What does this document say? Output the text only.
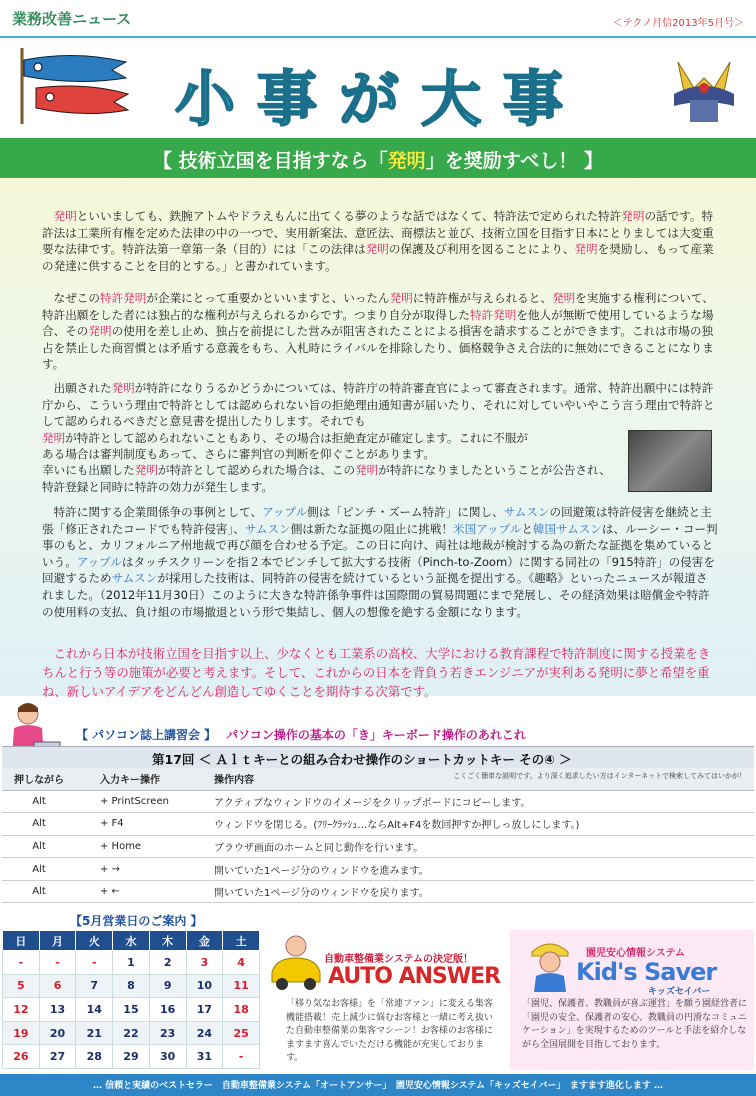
業務改善ニュース	＜テクノ月信2013年5月号＞
小事が大事
【 技術立国を目指すなら「発明」を奨励すべし！ 】
発明といいましても、鉄腕アトムやドラえもんに出てくる夢のような話ではなくて、特許法で定められた特許発明の話です。特許法は工業所有権を定めた法律の中の一つで、実用新案法、意匠法、商標法と並び、技術立国を目指す日本にとりましては大変重要な法律です。特許法第一章第一条（目的）には「この法律は発明の保護及び利用を図ることにより、発明を奨励し、もって産業の発達に供することを目的とする。」と書かれています。
なぜこの特許発明が企業にとって重要かといいますと、いったん発明に特許権が与えられると、発明を実施する権利について、特許出願をした者には独占的な権利が与えられるからです。つまり自分が取得した特許発明を他人が無断で使用しているような場合、その発明の使用を差し止め、独占を前提にした営みが阻害されたことによる損害を請求することができます。これは市場の独占を禁止した商習慣とは矛盾する意義をもち、入札時にライバルを排除したり、価格競争さえ合法的に無効にできることになります。
出願された発明が特許になりうるかどうかについては、特許庁の特許審査官によって審査されます。通常、特許出願中には特許庁から、こういう理由で特許としては認められない旨の拒絶理由通知書が届いたり、それに対していやいやこう言う理由で特許として認められるべきだと意見書を提出したりします。それでも
発明が特許として認められないこともあり、その場合は拒絶査定が確定します。これに不服が
ある場合は審判制度もあって、さらに審判官の判断を仰ぐことがあります。
幸いにも出願した発明が特許として認められた場合は、この発明が特許になりましたということが公告され、特許登録と同時に特許の効力が発生します。
特許に関する企業間係争の事例として、アップル側は「ピンチ・ズーム特許」に関し、サムスンの回避策は特許侵害を継続と主張「修正されたコードでも特許侵害」、サムスン側は新たな証拠の阻止に挑戦！米国アップルと韓国サムスンは、ルーシー・コー判事のもと、カリフォルニア州地裁で再び顔を合わせる予定。この日に向け、両社は地裁が検討する為の新たな証拠を集めているという。アップルはタッチスクリーンを指２本でピンチして拡大する技術（Pinch-to-Zoom）に関する同社の「915特許」の侵害を回避するためサムスンが採用した技術は、同特許の侵害を続けているという証拠を提出する。《趣略》といったニュースが報道されました。（2012年11月30日）このように大きな特許係争事件は国際間の貿易問題にまで発展し、その経済効果は賠償金や特許の使用料の支払、負け組の市場撤退という形で集結し、個人の想像を絶する金額になります。
これから日本が技術立国を目指す以上、少なくとも工業系の高校、大学における教育課程で特許制度に関する授業をきちんと行う等の施策が必要と考えます。そして、これからの日本を背負う若きエンジニアが実利ある発明に夢と希望を重ね、新しいアイデアをどんどん創造してゆくことを期待する次第です。
【 パソコン誌上講習会 】 パソコン操作の基本の「き」キーボード操作のあれこれ
第17回 ＜ Ａｌｔキーとの組み合わせ操作のショートカットキー その④ ＞
押しながら	入力キー操作	操作内容 こくごく簡単な説明です。より深く追求したい方はインターネットで検索してみてはいかが！

Alt	+ PrintScreen	アクティブなウィンドウのイメージをクリップボードにコピーします。
Alt	+ F4	ウィンドウを閉じる。(ﾌﾘｰｸﾗｯｼｭ…ならAlt+F4を数回押すか押しっ放しにします。)
Alt	+ Home	ブラウザ画面のホームと同じ動作を行います。
Alt	+ →	開いていた1ページ分のウィンドウを進みます。
Alt	+ ←	開いていた1ページ分のウィンドウを戻ります。
【5月営業日のご案内 】
日	月	火	水	木	金	土
-	-	-	1	2	3	4
5	6	7	8	9	10	11
12	13	14	15	16	17	18
19	20	21	22	23	24	25
26	27	28	29	30	31	-
自動車整備業システムの決定版！
AUTO ANSWER
「移り気なお客様」を「常連ファン」に変える集客機能搭載！売上減少に悩むお客様と一緒に考え抜いた自動車整備業の集客マシーン！お客様のお客様にますます喜んでいただける機能が充実しております。
園児安心情報システム
Kid's Saver
キッズセイバー
「園児、保護者、教職員が喜ぶ運営」を願う園経営者に「園児の安全、保護者の安心、教職員の円滑なコミュニケーション」を実現するためのツールと手法を紹介しながら全国展開を目指しております。
… 信頼と実績のベストセラー　自動車整備業システム「オートアンサー」　園児安心情報システム「キッズセイバー」　ますます進化します …
